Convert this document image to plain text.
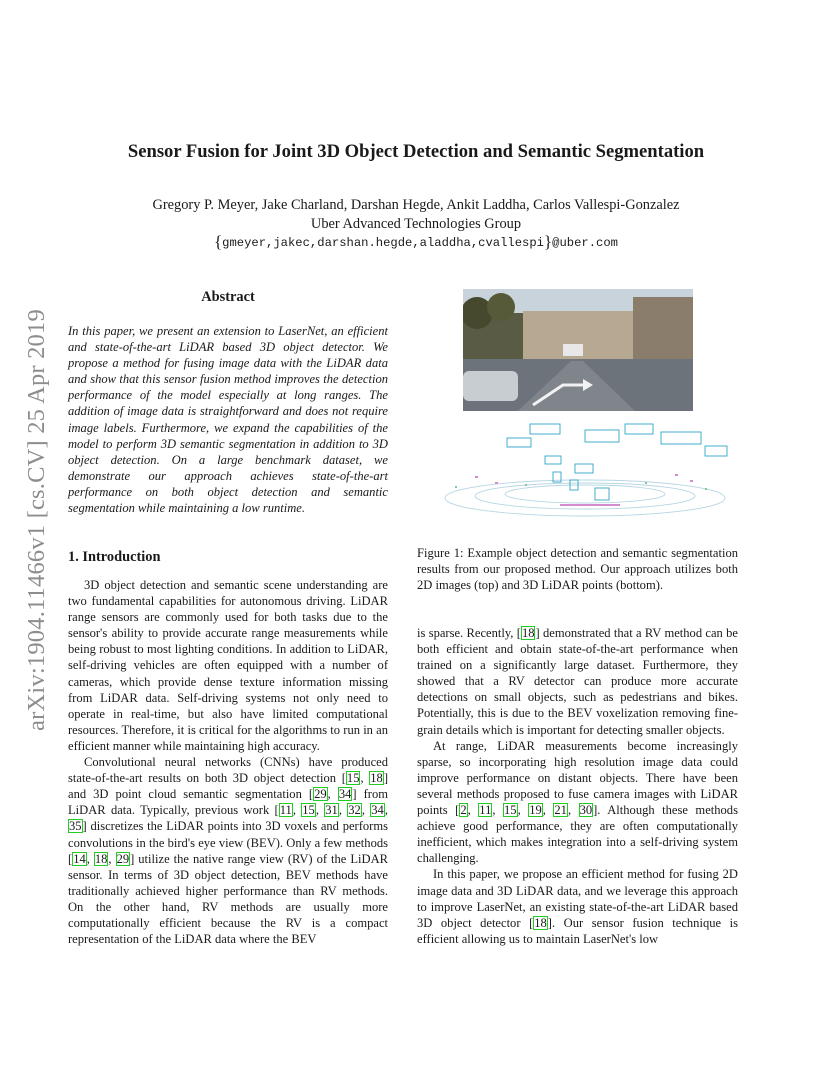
arXiv:1904.11466v1 [cs.CV] 25 Apr 2019
Sensor Fusion for Joint 3D Object Detection and Semantic Segmentation
Gregory P. Meyer, Jake Charland, Darshan Hegde, Ankit Laddha, Carlos Vallespi-Gonzalez
Uber Advanced Technologies Group
{gmeyer,jakec,darshan.hegde,aladdha,cvallespi}@uber.com
Abstract
In this paper, we present an extension to LaserNet, an efficient and state-of-the-art LiDAR based 3D object detector. We propose a method for fusing image data with the LiDAR data and show that this sensor fusion method improves the detection performance of the model especially at long ranges. The addition of image data is straightforward and does not require image labels. Furthermore, we expand the capabilities of the model to perform 3D semantic segmentation in addition to 3D object detection. On a large benchmark dataset, we demonstrate our approach achieves state-of-the-art performance on both object detection and semantic segmentation while maintaining a low runtime.
1. Introduction

3D object detection and semantic scene understanding are two fundamental capabilities for autonomous driving. LiDAR range sensors are commonly used for both tasks due to the sensor's ability to provide accurate range measurements while being robust to most lighting conditions. In addition to LiDAR, self-driving vehicles are often equipped with a number of cameras, which provide dense texture information missing from LiDAR data. Self-driving systems not only need to operate in real-time, but also have limited computational resources. Therefore, it is critical for the algorithms to run in an efficient manner while maintaining high accuracy.

Convolutional neural networks (CNNs) have produced state-of-the-art results on both 3D object detection [15, 18] and 3D point cloud semantic segmentation [29, 34] from LiDAR data. Typically, previous work [11, 15, 31, 32, 34, 35] discretizes the LiDAR points into 3D voxels and performs convolutions in the bird's eye view (BEV). Only a few methods [14, 18, 29] utilize the native range view (RV) of the LiDAR sensor. In terms of 3D object detection, BEV methods have traditionally achieved higher performance than RV methods. On the other hand, RV methods are usually more computationally efficient because the RV is a compact representation of the LiDAR data where the BEV

Figure 1: Example object detection and semantic segmentation results from our proposed method. Our approach utilizes both 2D images (top) and 3D LiDAR points (bottom).

is sparse. Recently, [18] demonstrated that a RV method can be both efficient and obtain state-of-the-art performance when trained on a significantly large dataset. Furthermore, they showed that a RV detector can produce more accurate detections on small objects, such as pedestrians and bikes. Potentially, this is due to the BEV voxelization removing fine-grain details which is important for detecting smaller objects.

At range, LiDAR measurements become increasingly sparse, so incorporating high resolution image data could improve performance on distant objects. There have been several methods proposed to fuse camera images with LiDAR points [2, 11, 15, 19, 21, 30]. Although these methods achieve good performance, they are often computationally inefficient, which makes integration into a self-driving system challenging.

In this paper, we propose an efficient method for fusing 2D image data and 3D LiDAR data, and we leverage this approach to improve LaserNet, an existing state-of-the-art LiDAR based 3D object detector [18]. Our sensor fusion technique is efficient allowing us to maintain LaserNet's low
